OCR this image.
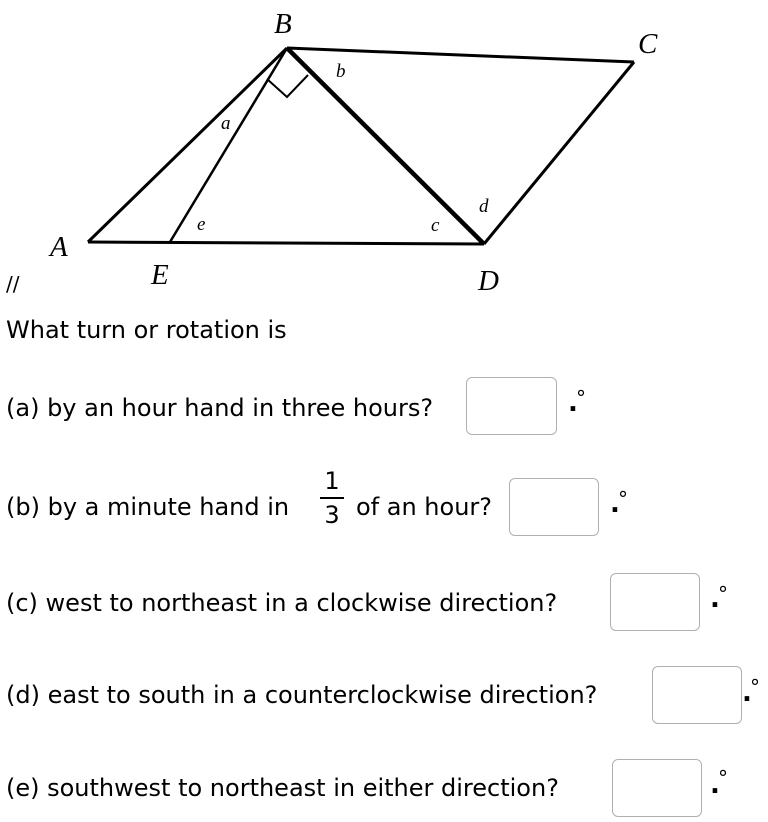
B
C
A
E	D
a
b
e	c
d
//
What turn or rotation is
(a) by an hour hand in three hours?	.
°
(b) by a minute hand in
1
3 of an hour?	.
°
(c) west to northeast in a clockwise direction?	.
°
(d) east to south in a counterclockwise direction?	.
°
(e) southwest to northeast in either direction?	.
°
